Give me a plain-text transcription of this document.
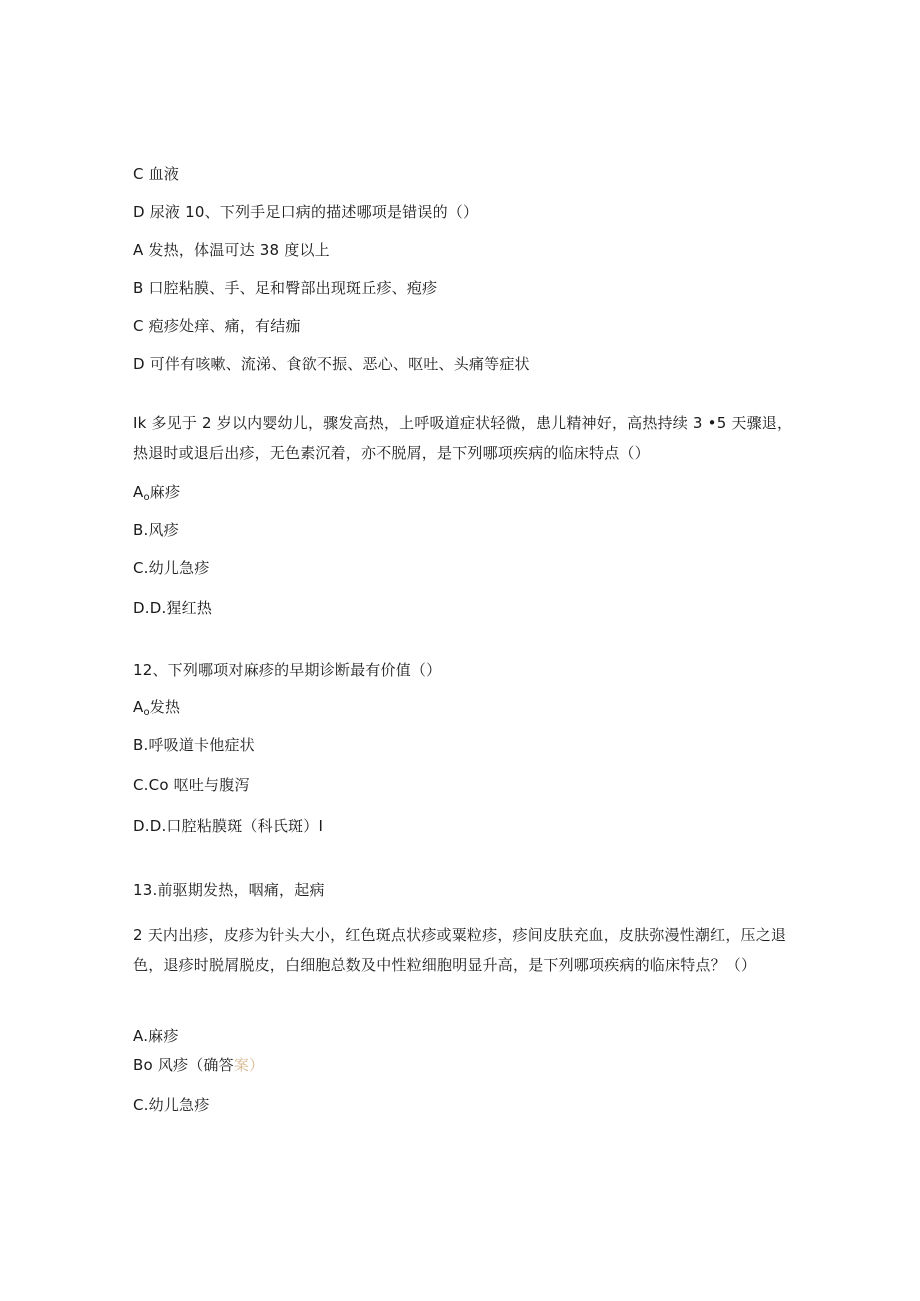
C 血液
D 尿液 10、下列手足口病的描述哪项是错误的（）
A 发热，体温可达 38 度以上
B 口腔粘膜、手、足和臀部出现斑丘疹、疱疹
C 疱疹处痒、痛，有结痂
D 可伴有咳嗽、流涕、食欲不振、恶心、呕吐、头痛等症状
Ik 多见于 2 岁以内婴幼儿，骤发高热，上呼吸道症状轻微，患儿精神好，高热持续 3 •5 天骤退，热退时或退后出疹，无色素沉着，亦不脱屑，是下列哪项疾病的临床特点（）
$A_o$麻疹
B.风疹
C.幼儿急疹
D.D.猩红热
12、下列哪项对麻疹的早期诊断最有价值（）
$A_o$发热
B.呼吸道卡他症状
C.Co 呕吐与腹泻
D.D.口腔粘膜斑（科氏斑）I
13.前驱期发热，咽痛，起病
2 天内出疹，皮疹为针头大小，红色斑点状疹或粟粒疹，疹间皮肤充血，皮肤弥漫性潮红，压之退色，退疹时脱屑脱皮，白细胞总数及中性粒细胞明显升高，是下列哪项疾病的临床特点？（）
A.麻疹
Bo 风疹（确答案）
C.幼儿急疹
